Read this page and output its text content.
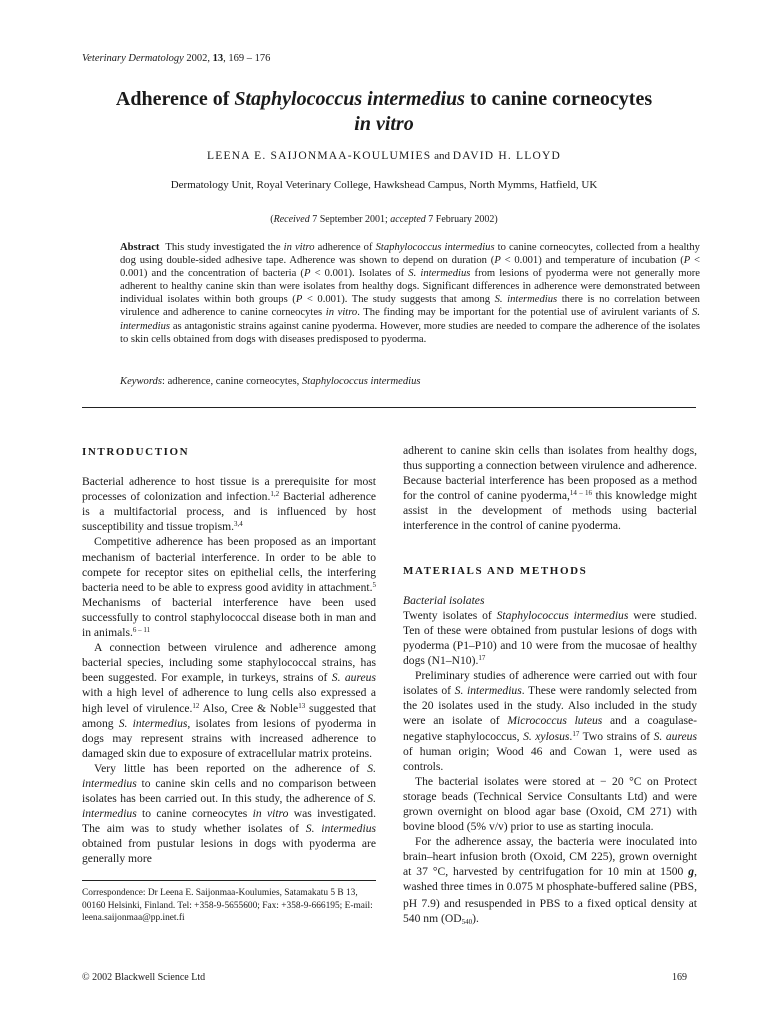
Veterinary Dermatology 2002, 13, 169 – 176
Adherence of Staphylococcus intermedius to canine corneocytes
in vitro
LEENA E. SAIJONMAA-KOULUMIES and DAVID H. LLOYD
Dermatology Unit, Royal Veterinary College, Hawkshead Campus, North Mymms, Hatfield, UK
(Received 7 September 2001; accepted 7 February 2002)
Abstract  This study investigated the in vitro adherence of Staphylococcus intermedius to canine corneocytes, collected from a healthy dog using double-sided adhesive tape. Adherence was shown to depend on duration (P < 0.001) and temperature of incubation (P < 0.001) and the concentration of bacteria (P < 0.001). Isolates of S. intermedius from lesions of pyoderma were not generally more adherent to healthy canine skin than were isolates from healthy dogs. Significant differences in adherence were demonstrated between individual isolates within both groups (P < 0.001). The study suggests that among S. intermedius there is no correlation between virulence and adherence to canine corneocytes in vitro. The finding may be important for the potential use of avirulent variants of S. intermedius as antagonistic strains against canine pyoderma. However, more studies are needed to compare the adherence of the isolates to skin cells obtained from dogs with diseases predisposed to pyoderma.
Keywords: adherence, canine corneocytes, Staphylococcus intermedius

INTRODUCTION

Bacterial adherence to host tissue is a prerequisite for most processes of colonization and infection.$^{1,2}$ Bacterial adherence is a multifactorial process, and is influenced by host susceptibility and tissue tropism.$^{3,4}$

Competitive adherence has been proposed as an important mechanism of bacterial interference. In order to be able to compete for receptor sites on epithelial cells, the interfering bacteria need to be able to express good avidity in attachment.$^5$ Mechanisms of bacterial interference have been used successfully to control staphylococcal disease both in man and in animals.$^{6 - 11}$

A connection between virulence and adherence among bacterial species, including some staphylococcal strains, has been suggested. For example, in turkeys, strains of S. aureus with a high level of adherence to lung cells also expressed a high level of virulence.$^{12}$ Also, Cree & Noble$^{13}$ suggested that among S. intermedius, isolates from lesions of pyoderma in dogs may represent strains with increased adherence to damaged skin due to exposure of extracellular matrix proteins.

Very little has been reported on the adherence of S. intermedius to canine skin cells and no comparison between isolates has been carried out. In this study, the adherence of S. intermedius to canine corneocytes in vitro was investigated. The aim was to study whether isolates of S. intermedius obtained from pustular lesions in dogs with pyoderma are generally more

Correspondence: Dr Leena E. Saijonmaa-Koulumies, Satamakatu 5 B 13, 00160 Helsinki, Finland. Tel: +358-9-5655600; Fax: +358-9-666195; E-mail: leena.saijonmaa@pp.inet.fi

adherent to canine skin cells than isolates from healthy dogs, thus supporting a connection between virulence and adherence. Because bacterial interference has been proposed as a method for the control of canine pyoderma,$^{14 - 16}$ this knowledge might assist in the development of methods using bacterial interference in the control of canine pyoderma.

MATERIALS AND METHODS

Bacterial isolates

Twenty isolates of Staphylococcus intermedius were studied. Ten of these were obtained from pustular lesions of dogs with pyoderma (P1–P10) and 10 were from the mucosae of healthy dogs (N1–N10).$^{17}$

Preliminary studies of adherence were carried out with four isolates of S. intermedius. These were randomly selected from the 20 isolates used in the study. Also included in the study were an isolate of Micrococcus luteus and a coagulase-negative staphylococcus, S. xylosus.$^{17}$ Two strains of S. aureus of human origin; Wood 46 and Cowan 1, were used as controls.

The bacterial isolates were stored at − 20 °C on Protect storage beads (Technical Service Consultants Ltd) and were grown overnight on blood agar base (Oxoid, CM 271) with bovine blood (5% v/v) prior to use as starting inocula.

For the adherence assay, the bacteria were inoculated into brain–heart infusion broth (Oxoid, CM 225), grown overnight at 37 °C, harvested by centrifugation for 10 min at 1500 g, washed three times in 0.075 M phosphate-buffered saline (PBS, pH 7.9) and resuspended in PBS to a fixed optical density at 540 nm $(OD_{540})$.

© 2002 Blackwell Science Ltd	169
